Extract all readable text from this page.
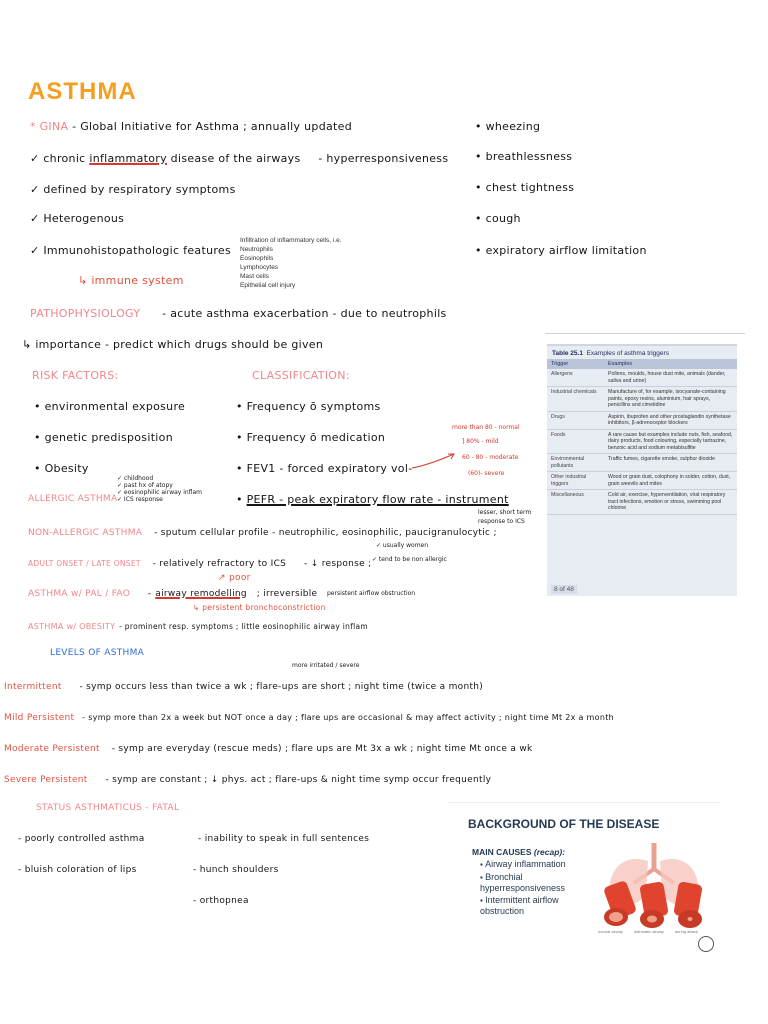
ASTHMA
* GINA - Global Initiative for Asthma ; annually updated
✓ chronic inflammatory disease of the airways - hyperresponsiveness
✓ defined by respiratory symptoms
✓ Heterogenous
✓ Immunohistopathologic features
Infiltration of inflammatory cells, i.e.
Neutrophils
Eosinophils
Lymphocytes
Mast cells
Epithelial cell injury
↳ immune system
• wheezing
• breathlessness
• chest tightness
• cough
• expiratory airflow limitation
PATHOPHYSIOLOGY - acute asthma exacerbation - due to neutrophils
↳ importance - predict which drugs should be given
RISK FACTORS:	CLASSIFICATION:
• environmental exposure
• genetic predisposition
• Obesity
• Frequency ō symptoms
• Frequency ō medication
• FEV1 - forced expiratory vol-
• PEFR - peak expiratory flow rate - instrument
more than 80 - normal
] 80% - mild
60 - 80 - moderate
(60)- severe
lesser, short term
response to ICS
✓ childhood
✓ past hx of atopy
✓ eosinophilic airway inflam
✓ ICS response
ALLERGIC ASTHMA
NON-ALLERGIC ASTHMA - sputum cellular profile - neutrophilic, eosinophilic, paucigranulocytic ;
ADULT ONSET / LATE ONSET - relatively refractory to ICS - ↓ response ;
✓ usually women
✓ tend to be non allergic
↗ poor
ASTHMA w/ PAL / FAO - airway remodelling ; irreversible persistent airflow obstruction
↳ persistent bronchoconstriction
ASTHMA w/ OBESITY - prominent resp. symptoms ; little eosinophilic airway inflam
LEVELS OF ASTHMA
more irritated / severe
Intermittent - symp occurs less than twice a wk ; flare-ups are short ; night time (twice a month)
Mild Persistent - symp more than 2x a week but NOT once a day ; flare ups are occasional & may affect activity ; night time Mt 2x a month
Moderate Persistent - symp are everyday (rescue meds) ; flare ups are Mt 3x a wk ; night time Mt once a wk
Severe Persistent - symp are constant ; ↓ phys. act ; flare-ups & night time symp occur frequently
STATUS ASTHMATICUS - FATAL
- poorly controlled asthma
- bluish coloration of lips
- inability to speak in full sentences
- hunch shoulders
- orthopnea
Table 25.1 Examples of asthma triggers
Trigger	Examples
Allergens	Pollens, moulds, house dust mite, animals (dander, saliva and urine)
Industrial chemicals	Manufacture of, for example, isocyanate-containing paints, epoxy resins, aluminium, hair sprays, penicillins and cimetidine
Drugs	Aspirin, ibuprofen and other prostaglandin synthetase inhibitors, β-adrenoceptor blockers
Foods	A rare cause but examples include nuts, fish, seafood, dairy products, food colouring, especially tartrazine, benzoic acid and sodium metabisulfite
Environmental pollutants	Traffic fumes, cigarette smoke, sulphur dioxide
Other industrial triggers	Wood or grain dust, colophony in solder, cotton, dust, grain weevils and mites
Miscellaneous	Cold air, exercise, hyperventilation, viral respiratory tract infections, emotion or stress, swimming pool chlorine
8 of 48
BACKGROUND OF THE DISEASE
MAIN CAUSES (recap):
▪ Airway inflammation
▪ Bronchial hyperresponsiveness
▪ Intermittent airflow obstruction
normal airway	asthmatic airway	during attack
